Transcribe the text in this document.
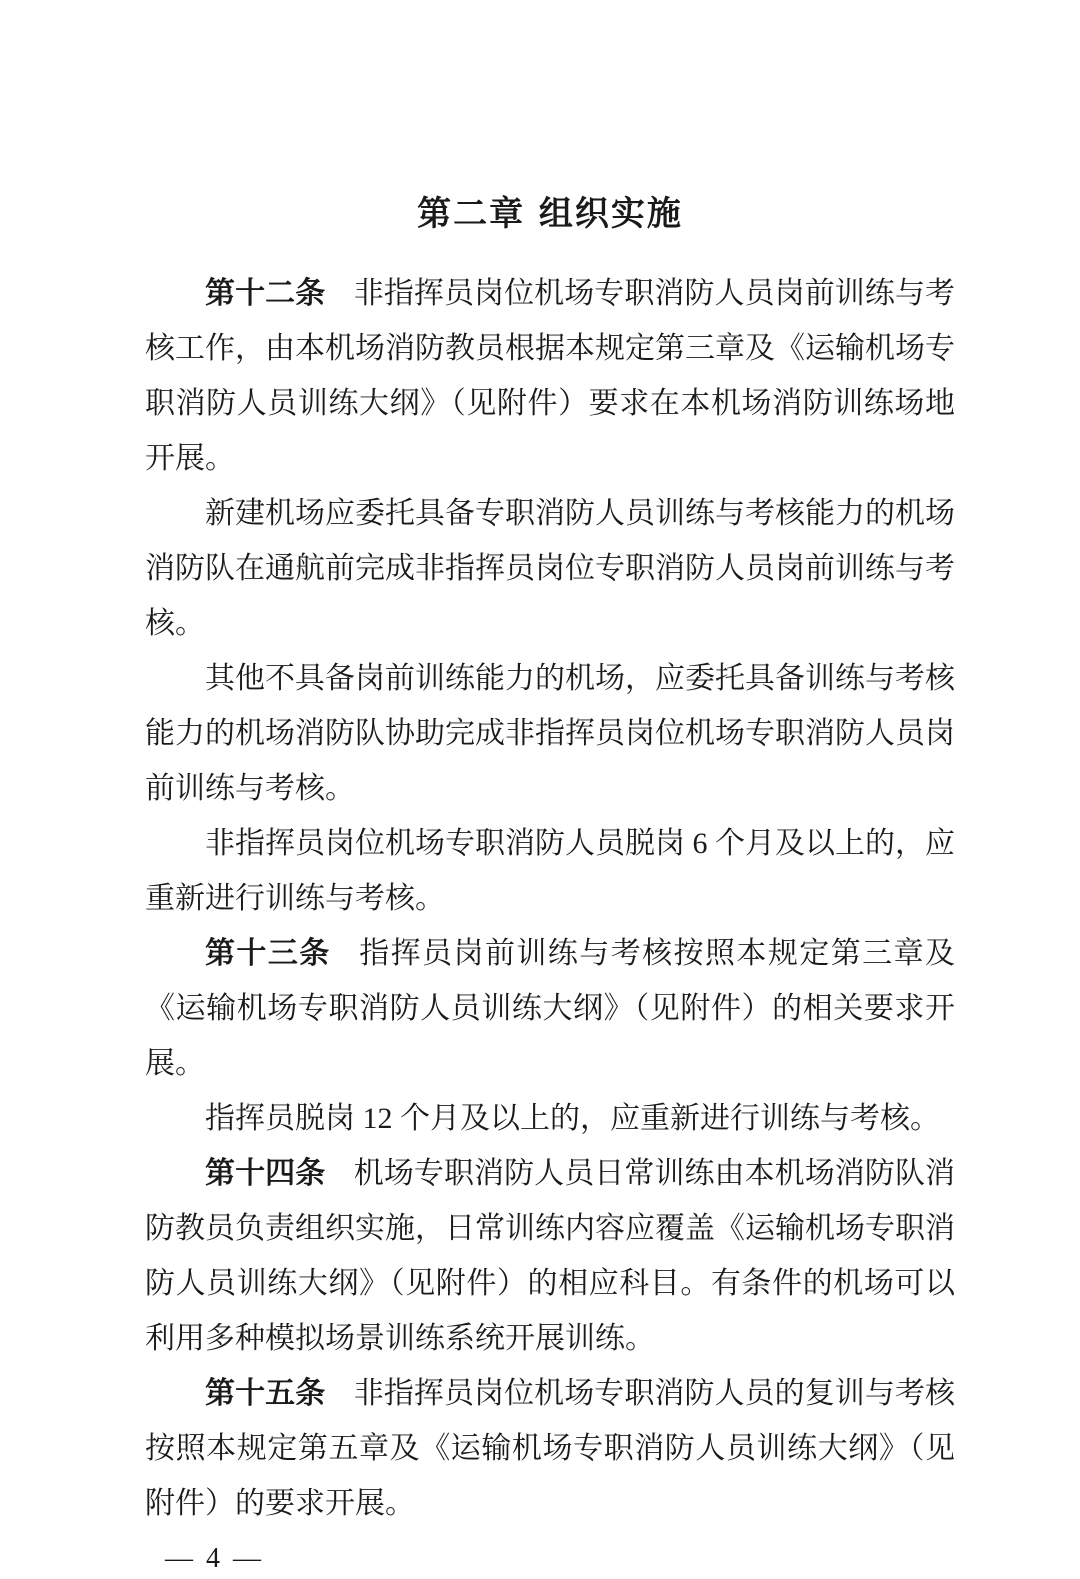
第二章 组织实施

第十二条 非指挥员岗位机场专职消防人员岗前训练与考核工作，由本机场消防教员根据本规定第三章及《运输机场专职消防人员训练大纲》（见附件）要求在本机场消防训练场地开展。

新建机场应委托具备专职消防人员训练与考核能力的机场消防队在通航前完成非指挥员岗位专职消防人员岗前训练与考核。

其他不具备岗前训练能力的机场，应委托具备训练与考核能力的机场消防队协助完成非指挥员岗位机场专职消防人员岗前训练与考核。

非指挥员岗位机场专职消防人员脱岗 6 个月及以上的，应重新进行训练与考核。

第十三条 指挥员岗前训练与考核按照本规定第三章及《运输机场专职消防人员训练大纲》（见附件）的相关要求开展。

指挥员脱岗 12 个月及以上的，应重新进行训练与考核。

第十四条 机场专职消防人员日常训练由本机场消防队消防教员负责组织实施，日常训练内容应覆盖《运输机场专职消防人员训练大纲》（见附件）的相应科目。有条件的机场可以利用多种模拟场景训练系统开展训练。

第十五条 非指挥员岗位机场专职消防人员的复训与考核按照本规定第五章及《运输机场专职消防人员训练大纲》（见附件）的要求开展。

— 4 —
